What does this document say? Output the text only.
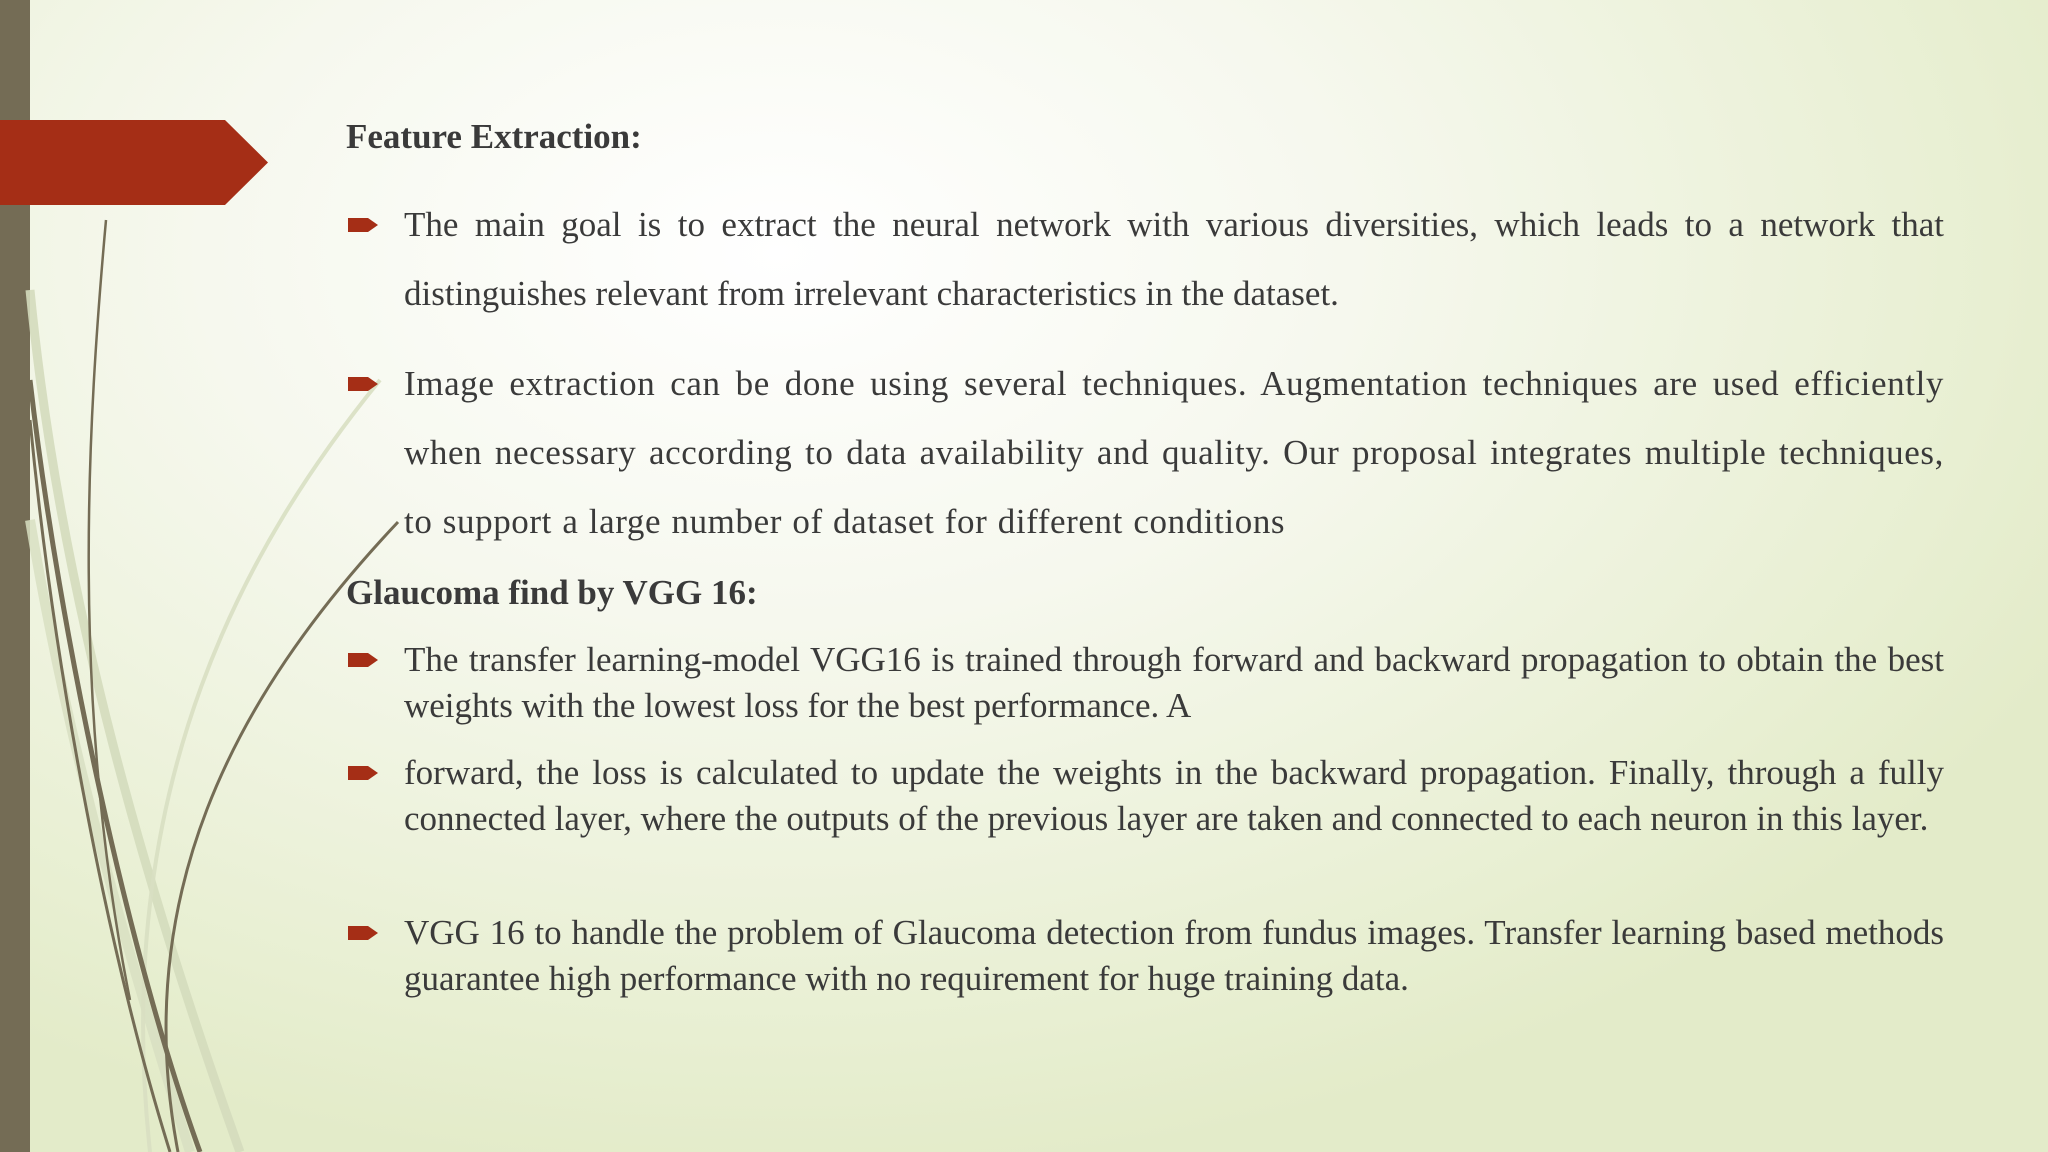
Feature Extraction:
The main goal is to extract the neural network with various diversities, which leads to a network that distinguishes relevant from irrelevant characteristics in the dataset.
Image extraction can be done using several techniques. Augmentation techniques are used efficiently when necessary according to data availability and quality. Our proposal integrates multiple techniques, to support a large number of dataset for different conditions
Glaucoma find by VGG 16:
The transfer learning-model VGG16 is trained through forward and backward propagation to obtain the best weights with the lowest loss for the best performance. A
forward, the loss is calculated to update the weights in the backward propagation. Finally, through a fully connected layer, where the outputs of the previous layer are taken and connected to each neuron in this layer.
VGG 16 to handle the problem of Glaucoma detection from fundus images. Transfer learning based methods guarantee high performance with no requirement for huge training data.
